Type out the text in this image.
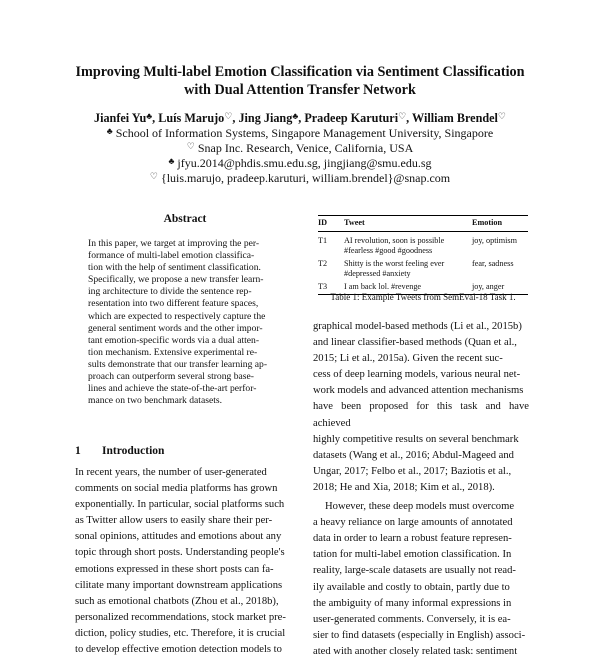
Improving Multi-label Emotion Classification via Sentiment Classification
with Dual Attention Transfer Network
Jianfei Yu♣, Luís Marujo♡, Jing Jiang♣, Pradeep Karuturi♡, William Brendel♡
♣ School of Information Systems, Singapore Management University, Singapore
♡ Snap Inc. Research, Venice, California, USA
♣ jfyu.2014@phdis.smu.edu.sg, jingjiang@smu.edu.sg
♡ {luis.marujo, pradeep.karuturi, william.brendel}@snap.com
Abstract
In this paper, we target at improving the per-
formance of multi-label emotion classifica-
tion with the help of sentiment classification.
Specifically, we propose a new transfer learn-
ing architecture to divide the sentence rep-
resentation into two different feature spaces,
which are expected to respectively capture the
general sentiment words and the other impor-
tant emotion-specific words via a dual atten-
tion mechanism. Extensive experimental re-
sults demonstrate that our transfer learning ap-
proach can outperform several strong base-
lines and achieve the state-of-the-art perfor-
mance on two benchmark datasets.
1 Introduction
In recent years, the number of user-generated
comments on social media platforms has grown
exponentially. In particular, social platforms such
as Twitter allow users to easily share their per-
sonal opinions, attitudes and emotions about any
topic through short posts. Understanding people's
emotions expressed in these short posts can fa-
cilitate many important downstream applications
such as emotional chatbots (Zhou et al., 2018b),
personalized recommendations, stock market pre-
diction, policy studies, etc. Therefore, it is crucial
to develop effective emotion detection models to
ID	Tweet	Emotion
T1	AI revolution, soon is possible
#fearless #good #goodness	joy, optimism
T2	Shitty is the worst feeling ever
#depressed #anxiety	fear, sadness
T3	I am back lol. #revenge	joy, anger
Table 1: Example Tweets from SemEval-18 Task 1.

graphical model-based methods (Li et al., 2015b)
and linear classifier-based methods (Quan et al.,
2015; Li et al., 2015a). Given the recent suc-
cess of deep learning models, various neural net-
work models and advanced attention mechanisms
have been proposed for this task and have achieved
highly competitive results on several benchmark
datasets (Wang et al., 2016; Abdul-Mageed and
Ungar, 2017; Felbo et al., 2017; Baziotis et al.,
2018; He and Xia, 2018; Kim et al., 2018).

However, these deep models must overcome
a heavy reliance on large amounts of annotated
data in order to learn a robust feature represen-
tation for multi-label emotion classification. In
reality, large-scale datasets are usually not read-
ily available and costly to obtain, partly due to
the ambiguity of many informal expressions in
user-generated comments. Conversely, it is ea-
sier to find datasets (especially in English) associ-
ated with another closely related task: sentiment
